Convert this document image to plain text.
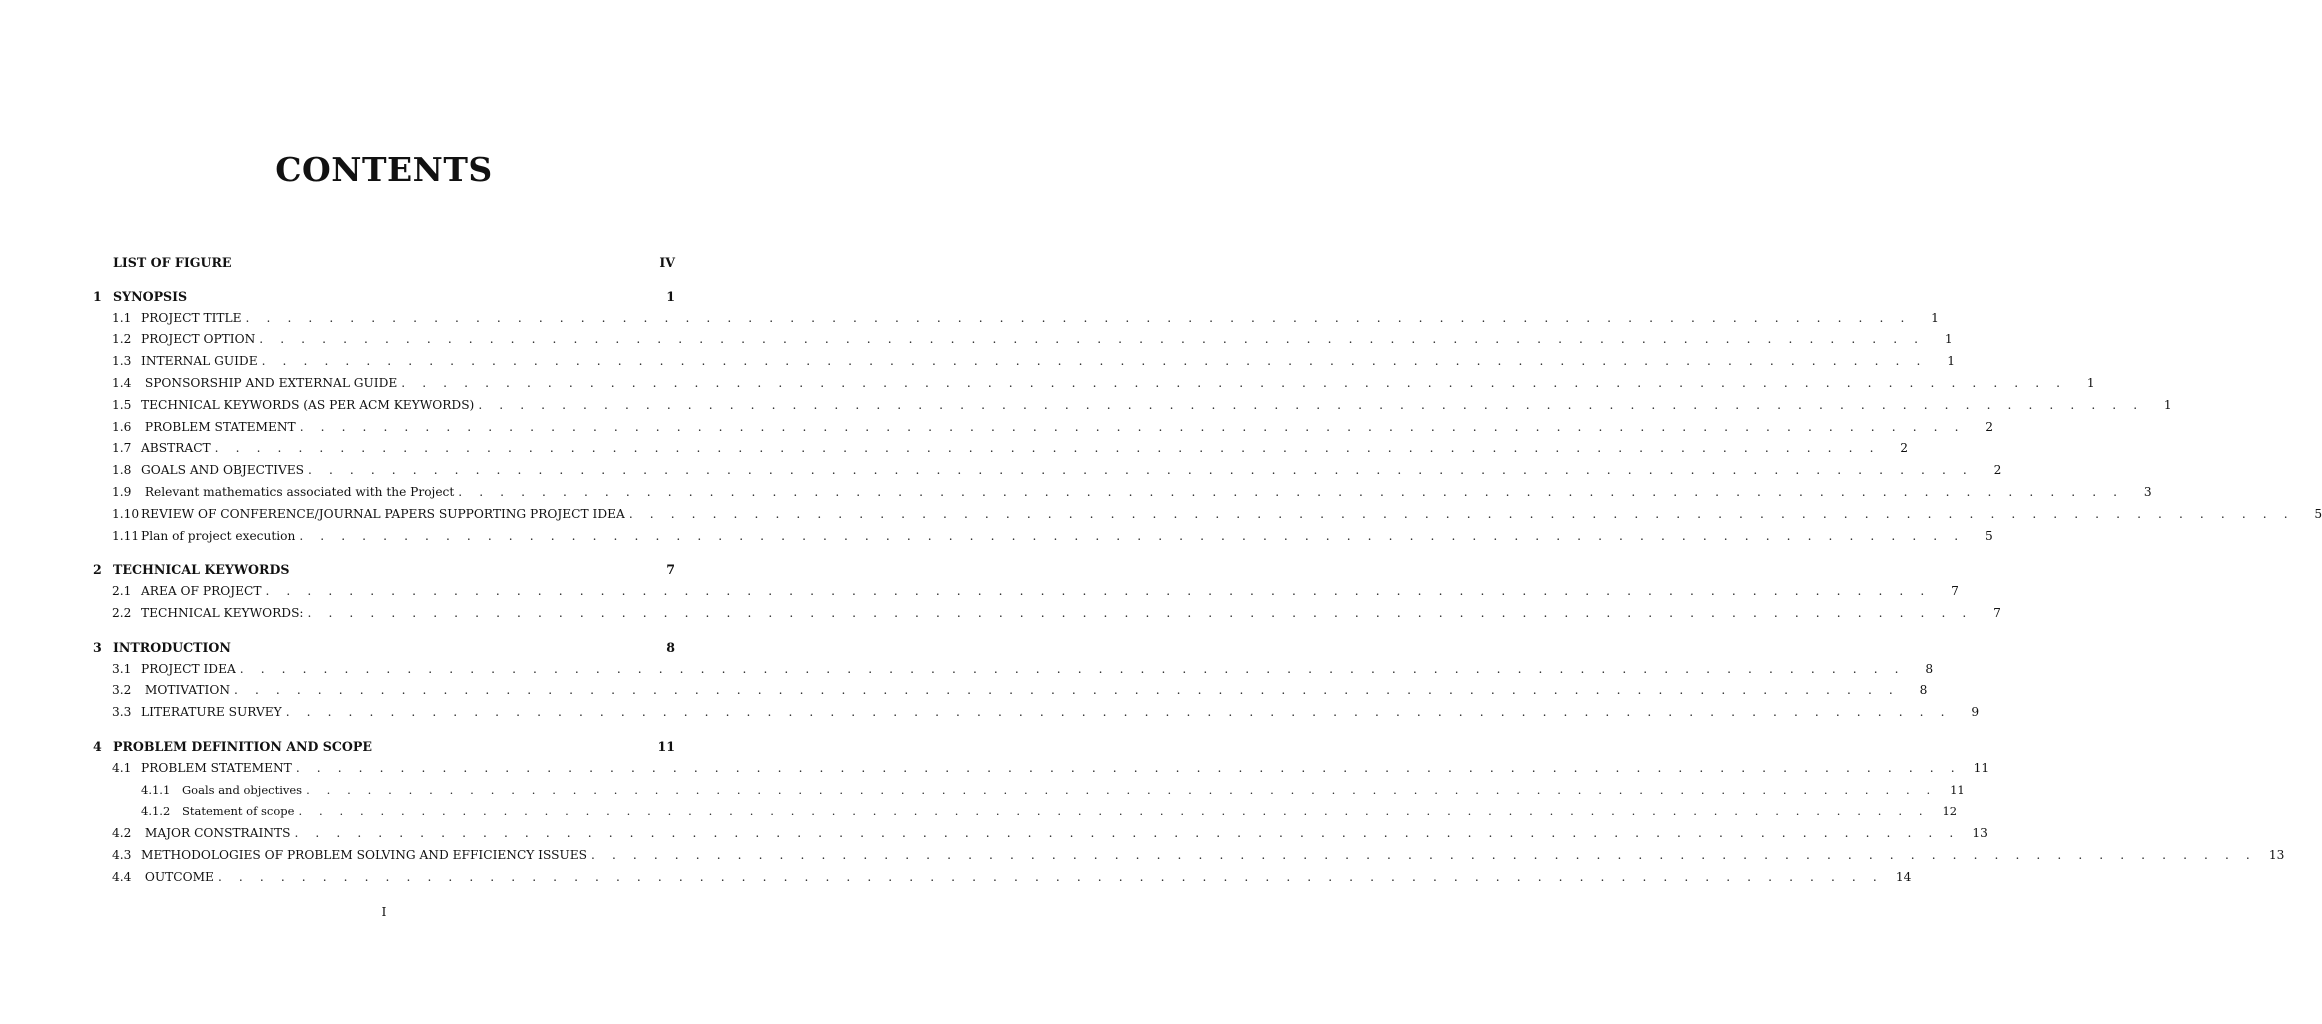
CONTENTS
LIST OF FIGURE	IV
1 SYNOPSIS	1
1.1 PROJECT TITLE . . . . . . . . . . . . . . . . . . . . . . . . . . . . . . . . . . . . . . . . . . . . . . . . . . . . . . . . . . . . . . . . . . . . . . . . . . . . . . . .	1
1.2 PROJECT OPTION . . . . . . . . . . . . . . . . . . . . . . . . . . . . . . . . . . . . . . . . . . . . . . . . . . . . . . . . . . . . . . . . . . . . . . . . . . . . . . . .	1
1.3 INTERNAL GUIDE . . . . . . . . . . . . . . . . . . . . . . . . . . . . . . . . . . . . . . . . . . . . . . . . . . . . . . . . . . . . . . . . . . . . . . . . . . . . . . . .	1
1.4 SPONSORSHIP AND EXTERNAL GUIDE . . . . . . . . . . . . . . . . . . . . . . . . . . . . . . . . . . . . . . . . . . . . . . . . . . . . . . . . . . . . . . . . . . . . . . . . . . . . . . . .	1
1.5 TECHNICAL KEYWORDS (AS PER ACM KEYWORDS) . . . . . . . . . . . . . . . . . . . . . . . . . . . . . . . . . . . . . . . . . . . . . . . . . . . . . . . . . . . . . . . . . . . . . . . . . . . . . . . .	1
1.6 PROBLEM STATEMENT . . . . . . . . . . . . . . . . . . . . . . . . . . . . . . . . . . . . . . . . . . . . . . . . . . . . . . . . . . . . . . . . . . . . . . . . . . . . . . . .	2
1.7 ABSTRACT . . . . . . . . . . . . . . . . . . . . . . . . . . . . . . . . . . . . . . . . . . . . . . . . . . . . . . . . . . . . . . . . . . . . . . . . . . . . . . . .	2
1.8 GOALS AND OBJECTIVES . . . . . . . . . . . . . . . . . . . . . . . . . . . . . . . . . . . . . . . . . . . . . . . . . . . . . . . . . . . . . . . . . . . . . . . . . . . . . . . .	2
1.9 Relevant mathematics associated with the Project . . . . . . . . . . . . . . . . . . . . . . . . . . . . . . . . . . . . . . . . . . . . . . . . . . . . . . . . . . . . . . . . . . . . . . . . . . . . . . . .	3
1.10 REVIEW OF CONFERENCE/JOURNAL PAPERS SUPPORTING PROJECT IDEA . . . . . . . . . . . . . . . . . . . . . . . . . . . . . . . . . . . . . . . . . . . . . . . . . . . . . . . . . . . . . . . . . . . . . . . . . . . . . . . .	5
1.11 Plan of project execution . . . . . . . . . . . . . . . . . . . . . . . . . . . . . . . . . . . . . . . . . . . . . . . . . . . . . . . . . . . . . . . . . . . . . . . . . . . . . . . .	5
2 TECHNICAL KEYWORDS	7
2.1 AREA OF PROJECT . . . . . . . . . . . . . . . . . . . . . . . . . . . . . . . . . . . . . . . . . . . . . . . . . . . . . . . . . . . . . . . . . . . . . . . . . . . . . . . .	7
2.2 TECHNICAL KEYWORDS: . . . . . . . . . . . . . . . . . . . . . . . . . . . . . . . . . . . . . . . . . . . . . . . . . . . . . . . . . . . . . . . . . . . . . . . . . . . . . . . .	7
3 INTRODUCTION	8
3.1 PROJECT IDEA . . . . . . . . . . . . . . . . . . . . . . . . . . . . . . . . . . . . . . . . . . . . . . . . . . . . . . . . . . . . . . . . . . . . . . . . . . . . . . . .	8
3.2 MOTIVATION . . . . . . . . . . . . . . . . . . . . . . . . . . . . . . . . . . . . . . . . . . . . . . . . . . . . . . . . . . . . . . . . . . . . . . . . . . . . . . . .	8
3.3 LITERATURE SURVEY . . . . . . . . . . . . . . . . . . . . . . . . . . . . . . . . . . . . . . . . . . . . . . . . . . . . . . . . . . . . . . . . . . . . . . . . . . . . . . . .	9
4 PROBLEM DEFINITION AND SCOPE	11
4.1 PROBLEM STATEMENT . . . . . . . . . . . . . . . . . . . . . . . . . . . . . . . . . . . . . . . . . . . . . . . . . . . . . . . . . . . . . . . . . . . . . . . . . . . . . . . .	11
4.1.1	Goals and objectives . . . . . . . . . . . . . . . . . . . . . . . . . . . . . . . . . . . . . . . . . . . . . . . . . . . . . . . . . . . . . . . . . . . . . . . . . . . . . . . .	11
4.1.2	Statement of scope . . . . . . . . . . . . . . . . . . . . . . . . . . . . . . . . . . . . . . . . . . . . . . . . . . . . . . . . . . . . . . . . . . . . . . . . . . . . . . . .	12
4.2 MAJOR CONSTRAINTS . . . . . . . . . . . . . . . . . . . . . . . . . . . . . . . . . . . . . . . . . . . . . . . . . . . . . . . . . . . . . . . . . . . . . . . . . . . . . . . .	13
4.3 METHODOLOGIES OF PROBLEM SOLVING AND EFFICIENCY ISSUES . . . . . . . . . . . . . . . . . . . . . . . . . . . . . . . . . . . . . . . . . . . . . . . . . . . . . . . . . . . . . . . . . . . . . . . . . . . . . . . .	13
4.4 OUTCOME . . . . . . . . . . . . . . . . . . . . . . . . . . . . . . . . . . . . . . . . . . . . . . . . . . . . . . . . . . . . . . . . . . . . . . . . . . . . . . . .	14
I
